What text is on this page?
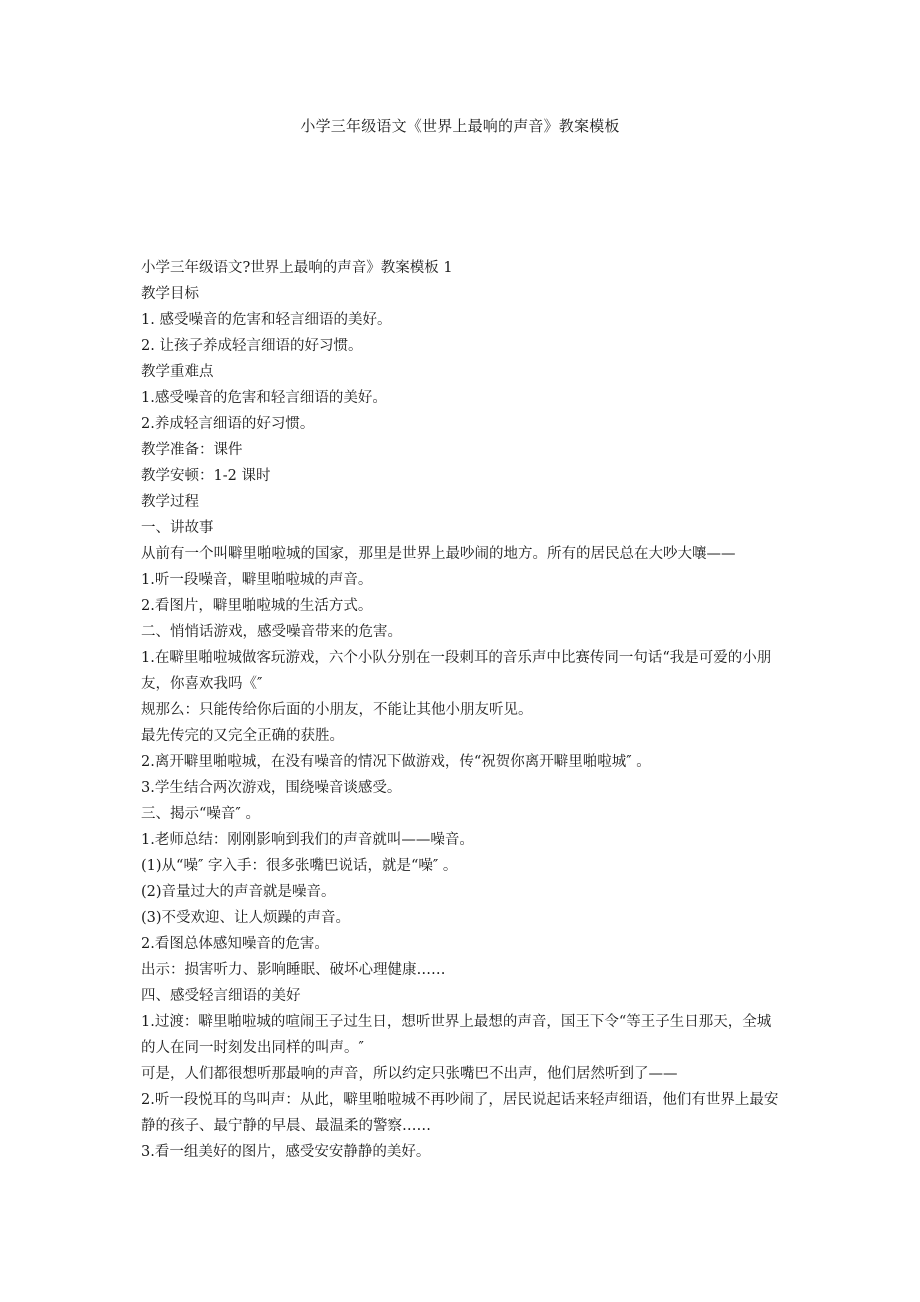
小学三年级语文《世界上最响的声音》教案模板

小学三年级语文?世界上最响的声音》教案模板 1

教学目标

1. 感受噪音的危害和轻言细语的美好。

2. 让孩子养成轻言细语的好习惯。

教学重难点

1.感受噪音的危害和轻言细语的美好。

2.养成轻言细语的好习惯。

教学准备：课件

教学安顿：1-2 课时

教学过程

一、讲故事

从前有一个叫噼里啪啦城的国家，那里是世界上最吵闹的地方。所有的居民总在大吵大嚷——

1.听一段噪音，噼里啪啦城的声音。

2.看图片，噼里啪啦城的生活方式。

二、悄悄话游戏，感受噪音带来的危害。

1.在噼里啪啦城做客玩游戏，六个小队分别在一段刺耳的音乐声中比赛传同一句话“我是可爱的小朋友，你喜欢我吗《″

规那么：只能传给你后面的小朋友，不能让其他小朋友听见。

最先传完的又完全正确的获胜。

2.离开噼里啪啦城，在没有噪音的情况下做游戏，传“祝贺你离开噼里啪啦城″ 。

3.学生结合两次游戏，围绕噪音谈感受。

三、揭示“噪音″ 。

1.老师总结：刚刚影响到我们的声音就叫——噪音。

(1)从“噪″ 字入手：很多张嘴巴说话，就是“噪″ 。

(2)音量过大的声音就是噪音。

(3)不受欢迎、让人烦躁的声音。

2.看图总体感知噪音的危害。

出示：损害听力、影响睡眠、破坏心理健康……

四、感受轻言细语的美好

1.过渡：噼里啪啦城的喧闹王子过生日，想听世界上最想的声音，国王下令“等王子生日那天，全城的人在同一时刻发出同样的叫声。″

可是，人们都很想听那最响的声音，所以约定只张嘴巴不出声，他们居然听到了——

2.听一段悦耳的鸟叫声：从此，噼里啪啦城不再吵闹了，居民说起话来轻声细语，他们有世界上最安静的孩子、最宁静的早晨、最温柔的警察……

3.看一组美好的图片，感受安安静静的美好。
